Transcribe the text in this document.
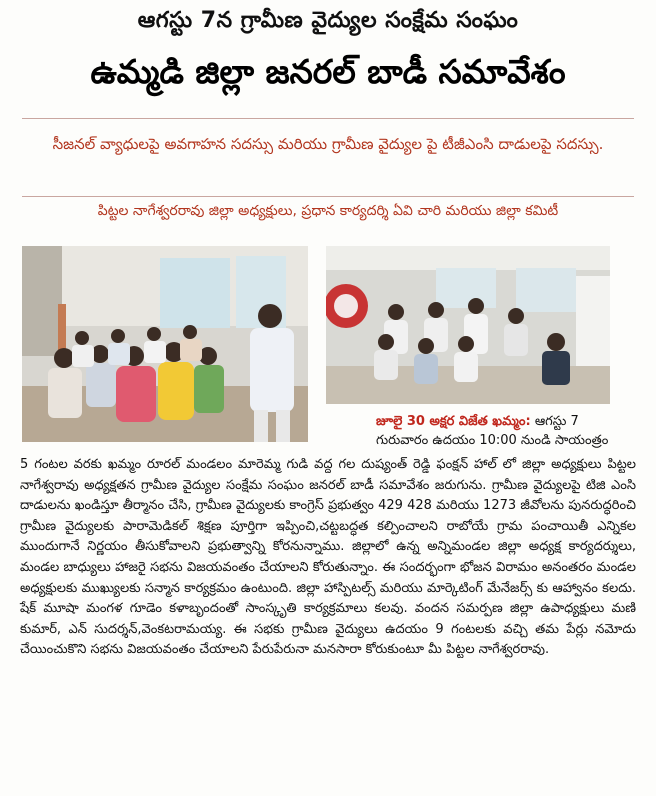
ఆగస్టు 7న గ్రామీణ వైద్యుల సంక్షేమ సంఘం
ఉమ్మడి జిల్లా జనరల్ బాడీ సమావేశం
సీజనల్ వ్యాధులపై అవగాహన సదస్సు మరియు గ్రామీణ వైద్యుల పై టీజీఎంసి దాడులపై సదస్సు.
పిట్టల నాగేశ్వరరావు జిల్లా అధ్యక్షులు, ప్రధాన కార్యదర్శి ఏవి చారి మరియు జిల్లా కమిటీ
జూలై 30 అక్షర విజేత ఖమ్మం: ఆగస్టు 7 గురువారం ఉదయం 10:00 నుండి సాయంత్రం

5 గంటల వరకు ఖమ్మం రూరల్ మండలం మారెమ్మ గుడి వద్ద గల దుష్యంత్ రెడ్డి ఫంక్షన్ హాల్ లో జిల్లా అధ్యక్షులు పిట్టల నాగేశ్వరావు అధ్యక్షతన గ్రామీణ వైద్యుల సంక్షేమ సంఘం జనరల్ బాడీ సమావేశం జరుగును. గ్రామీణ వైద్యులపై టిజి ఎంసి దాడులను ఖండిస్తూ తీర్మానం చేసి, గ్రామీణ వైద్యులకు కాంగ్రెస్ ప్రభుత్వం 429 428 మరియు 1273 జీవోలను పునరుద్ధరించి గ్రామీణ వైద్యులకు పారామెడికల్ శిక్షణ పూర్తిగా ఇప్పించి,చట్టబద్ధత కల్పించాలని రాబోయే గ్రామ పంచాయితీ ఎన్నికల ముందుగానే నిర్ణయం తీసుకోవాలని ప్రభుత్వాన్ని కోరనున్నాము. జిల్లాలో ఉన్న అన్నిమండల జిల్లా అధ్యక్ష కార్యదర్శులు, మండల బాధ్యులు హాజరై సభను విజయవంతం చేయాలని కోరుతున్నాం. ఈ సందర్భంగా భోజన విరామం అనంతరం మండల అధ్యక్షులకు ముఖ్యులకు సన్మాన కార్యక్రమం ఉంటుంది. జిల్లా హాస్పిటల్స్ మరియు మార్కెటింగ్ మేనేజర్స్ కు ఆహ్వానం కలదు. షేక్ మూషా మంగళ గూడెం కళాబృందంతో సాంస్కృతి కార్యక్రమాలు కలవు. వందన సమర్పణ జిల్లా ఉపాధ్యక్షులు మణి కుమార్, ఎన్ సుదర్శన్,వెంకటరామయ్య. ఈ సభకు గ్రామీణ వైద్యులు ఉదయం 9 గంటలకు వచ్చి తమ పేర్లు నమోదు చేయించుకొని సభను విజయవంతం చేయాలని పేరుపేరునా మనసారా కోరుకుంటూ మీ పిట్టల నాగేశ్వరరావు.
